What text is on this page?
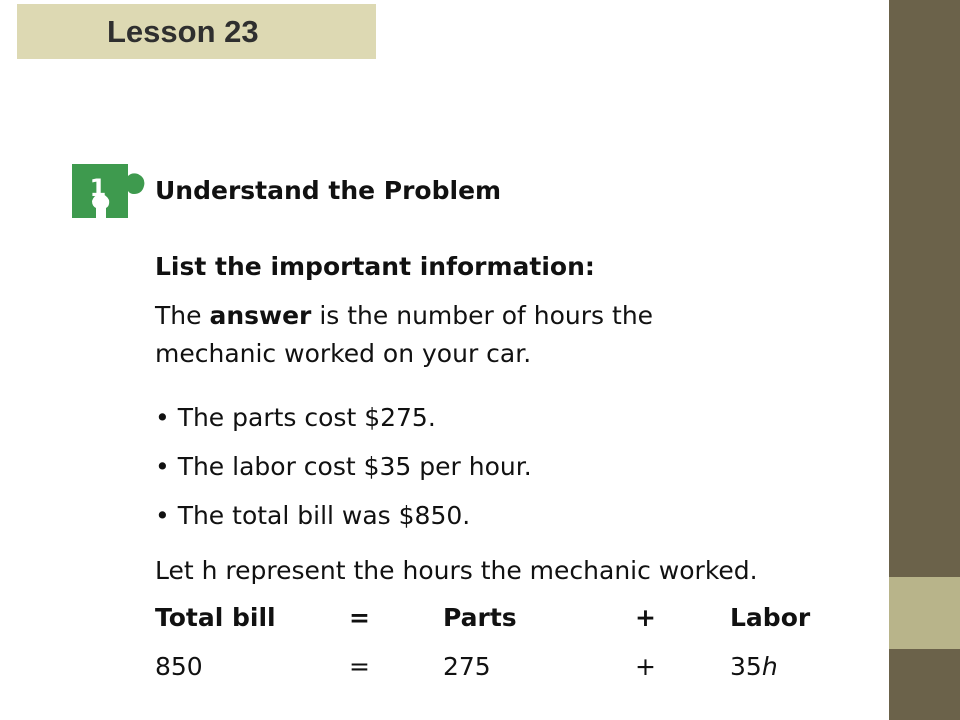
Lesson 23
1 Understand the Problem
List the important information:
The answer is the number of hours the
mechanic worked on your car.
• The parts cost $275.
• The labor cost $35 per hour.
• The total bill was $850.
Let h represent the hours the mechanic worked.
Total bill	=	Parts	+	Labor
850	=	275	+	35h
